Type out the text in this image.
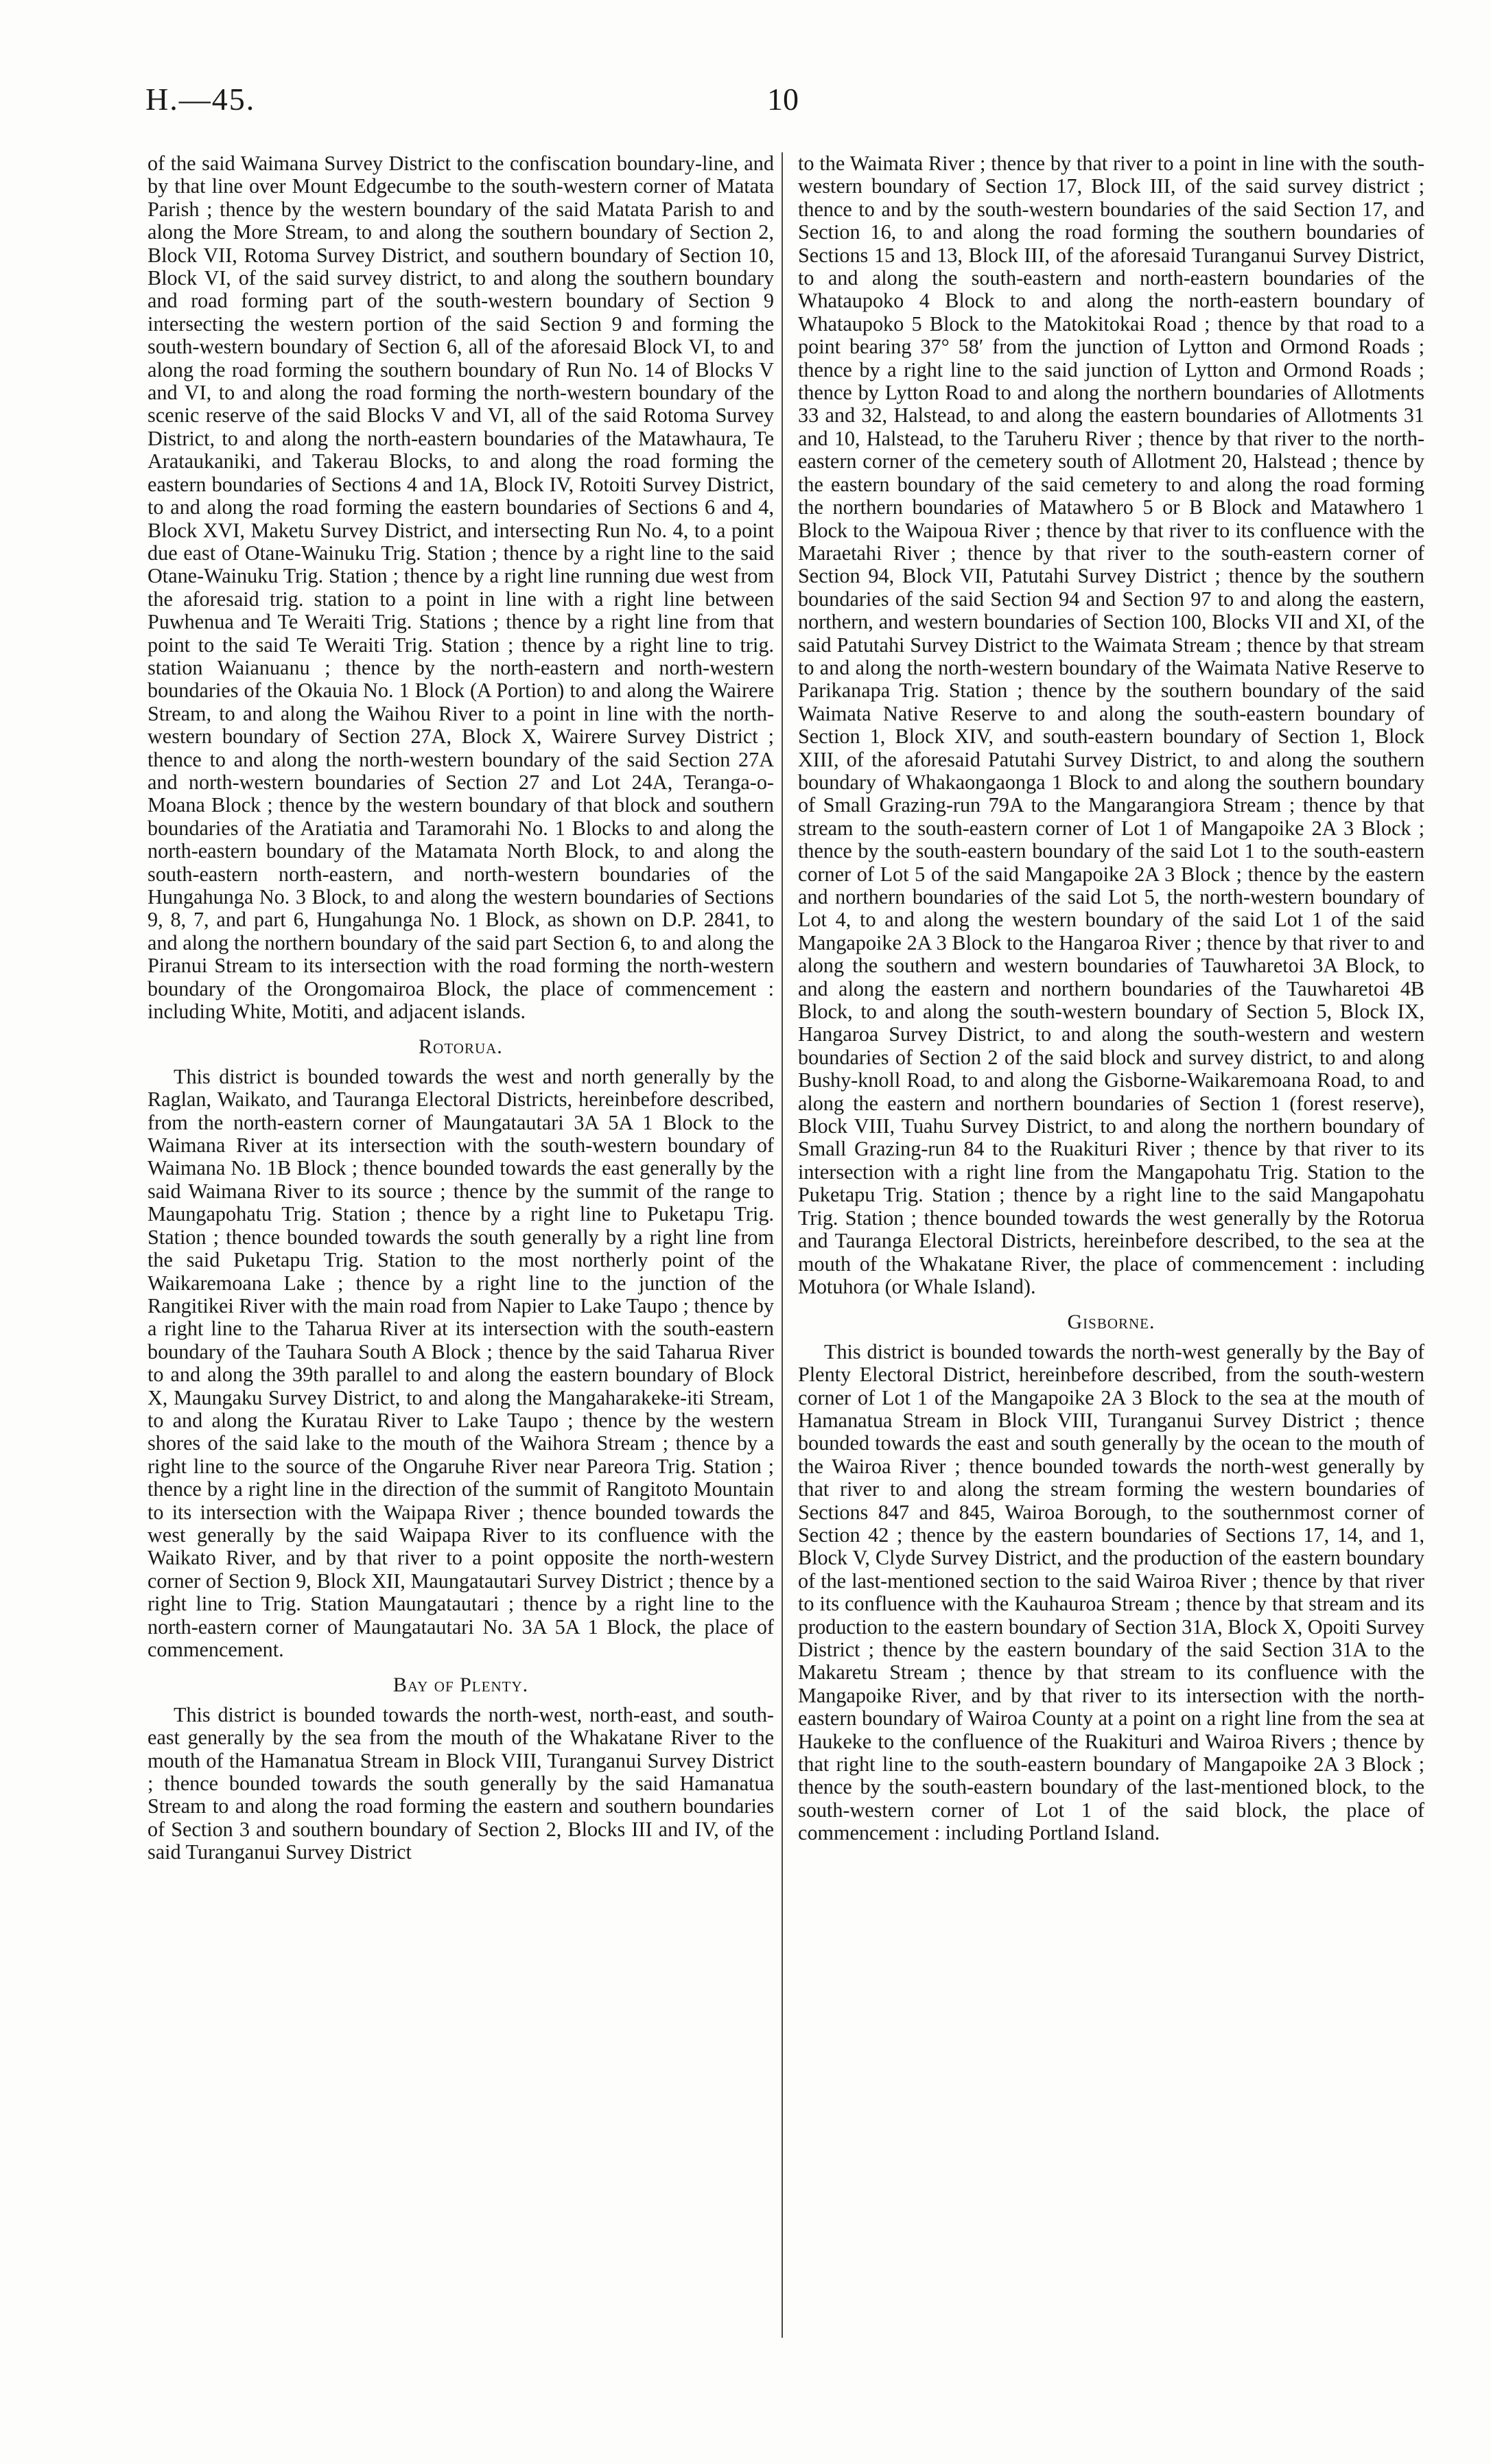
H.—45.	10

of the said Waimana Survey District to the confiscation boundary-line, and by that line over Mount Edgecumbe to the south-western corner of Matata Parish ; thence by the western boundary of the said Matata Parish to and along the More Stream, to and along the southern boundary of Section 2, Block VII, Rotoma Survey District, and southern boundary of Section 10, Block VI, of the said survey district, to and along the southern boundary and road forming part of the south-western boundary of Section 9 intersecting the western portion of the said Section 9 and forming the south-western boundary of Section 6, all of the aforesaid Block VI, to and along the road forming the southern boundary of Run No. 14 of Blocks V and VI, to and along the road forming the north-western boundary of the scenic reserve of the said Blocks V and VI, all of the said Rotoma Survey District, to and along the north-eastern boundaries of the Matawhaura, Te Arataukaniki, and Takerau Blocks, to and along the road forming the eastern boundaries of Sections 4 and 1A, Block IV, Rotoiti Survey District, to and along the road forming the eastern boundaries of Sections 6 and 4, Block XVI, Maketu Survey District, and intersecting Run No. 4, to a point due east of Otane-Wainuku Trig. Station ; thence by a right line to the said Otane-Wainuku Trig. Station ; thence by a right line running due west from the aforesaid trig. station to a point in line with a right line between Puwhenua and Te Weraiti Trig. Stations ; thence by a right line from that point to the said Te Weraiti Trig. Station ; thence by a right line to trig. station Waianuanu ; thence by the north-eastern and north-western boundaries of the Okauia No. 1 Block (A Portion) to and along the Wairere Stream, to and along the Waihou River to a point in line with the north-western boundary of Section 27A, Block X, Wairere Survey District ; thence to and along the north-western boundary of the said Section 27A and north-western boundaries of Section 27 and Lot 24A, Teranga-o-Moana Block ; thence by the western boundary of that block and southern boundaries of the Aratiatia and Taramorahi No. 1 Blocks to and along the north-eastern boundary of the Matamata North Block, to and along the south-eastern north-eastern, and north-western boundaries of the Hungahunga No. 3 Block, to and along the western boundaries of Sections 9, 8, 7, and part 6, Hungahunga No. 1 Block, as shown on D.P. 2841, to and along the northern boundary of the said part Section 6, to and along the Piranui Stream to its intersection with the road forming the north-western boundary of the Orongomairoa Block, the place of commencement : including White, Motiti, and adjacent islands.

Rotorua.

This district is bounded towards the west and north generally by the Raglan, Waikato, and Tauranga Electoral Districts, hereinbefore described, from the north-eastern corner of Maungatautari 3A 5A 1 Block to the Waimana River at its intersection with the south-western boundary of Waimana No. 1B Block ; thence bounded towards the east generally by the said Waimana River to its source ; thence by the summit of the range to Maungapohatu Trig. Station ; thence by a right line to Puketapu Trig. Station ; thence bounded towards the south generally by a right line from the said Puketapu Trig. Station to the most northerly point of the Waikaremoana Lake ; thence by a right line to the junction of the Rangitikei River with the main road from Napier to Lake Taupo ; thence by a right line to the Taharua River at its intersection with the south-eastern boundary of the Tauhara South A Block ; thence by the said Taharua River to and along the 39th parallel to and along the eastern boundary of Block X, Maungaku Survey District, to and along the Mangaharakeke-iti Stream, to and along the Kuratau River to Lake Taupo ; thence by the western shores of the said lake to the mouth of the Waihora Stream ; thence by a right line to the source of the Ongaruhe River near Pareora Trig. Station ; thence by a right line in the direction of the summit of Rangitoto Mountain to its intersection with the Waipapa River ; thence bounded towards the west generally by the said Waipapa River to its confluence with the Waikato River, and by that river to a point opposite the north-western corner of Section 9, Block XII, Maungatautari Survey District ; thence by a right line to Trig. Station Maungatautari ; thence by a right line to the north-eastern corner of Maungatautari No. 3A 5A 1 Block, the place of commencement.

Bay of Plenty.

This district is bounded towards the north-west, north-east, and south-east generally by the sea from the mouth of the Whakatane River to the mouth of the Hamanatua Stream in Block VIII, Turanganui Survey District ; thence bounded towards the south generally by the said Hamanatua Stream to and along the road forming the eastern and southern boundaries of Section 3 and southern boundary of Section 2, Blocks III and IV, of the said Turanganui Survey District

to the Waimata River ; thence by that river to a point in line with the south-western boundary of Section 17, Block III, of the said survey district ; thence to and by the south-western boundaries of the said Section 17, and Section 16, to and along the road forming the southern boundaries of Sections 15 and 13, Block III, of the aforesaid Turanganui Survey District, to and along the south-eastern and north-eastern boundaries of the Whataupoko 4 Block to and along the north-eastern boundary of Whataupoko 5 Block to the Matokitokai Road ; thence by that road to a point bearing 37° 58′ from the junction of Lytton and Ormond Roads ; thence by a right line to the said junction of Lytton and Ormond Roads ; thence by Lytton Road to and along the northern boundaries of Allotments 33 and 32, Halstead, to and along the eastern boundaries of Allotments 31 and 10, Halstead, to the Taruheru River ; thence by that river to the north-eastern corner of the cemetery south of Allotment 20, Halstead ; thence by the eastern boundary of the said cemetery to and along the road forming the northern boundaries of Matawhero 5 or B Block and Matawhero 1 Block to the Waipoua River ; thence by that river to its confluence with the Maraetahi River ; thence by that river to the south-eastern corner of Section 94, Block VII, Patutahi Survey District ; thence by the southern boundaries of the said Section 94 and Section 97 to and along the eastern, northern, and western boundaries of Section 100, Blocks VII and XI, of the said Patutahi Survey District to the Waimata Stream ; thence by that stream to and along the north-western boundary of the Waimata Native Reserve to Parikanapa Trig. Station ; thence by the southern boundary of the said Waimata Native Reserve to and along the south-eastern boundary of Section 1, Block XIV, and south-eastern boundary of Section 1, Block XIII, of the aforesaid Patutahi Survey District, to and along the southern boundary of Whakaongaonga 1 Block to and along the southern boundary of Small Grazing-run 79A to the Mangarangiora Stream ; thence by that stream to the south-eastern corner of Lot 1 of Mangapoike 2A 3 Block ; thence by the south-eastern boundary of the said Lot 1 to the south-eastern corner of Lot 5 of the said Mangapoike 2A 3 Block ; thence by the eastern and northern boundaries of the said Lot 5, the north-western boundary of Lot 4, to and along the western boundary of the said Lot 1 of the said Mangapoike 2A 3 Block to the Hangaroa River ; thence by that river to and along the southern and western boundaries of Tauwharetoi 3A Block, to and along the eastern and northern boundaries of the Tauwharetoi 4B Block, to and along the south-western boundary of Section 5, Block IX, Hangaroa Survey District, to and along the south-western and western boundaries of Section 2 of the said block and survey district, to and along Bushy-knoll Road, to and along the Gisborne-Waikaremoana Road, to and along the eastern and northern boundaries of Section 1 (forest reserve), Block VIII, Tuahu Survey District, to and along the northern boundary of Small Grazing-run 84 to the Ruakituri River ; thence by that river to its intersection with a right line from the Mangapohatu Trig. Station to the Puketapu Trig. Station ; thence by a right line to the said Mangapohatu Trig. Station ; thence bounded towards the west generally by the Rotorua and Tauranga Electoral Districts, hereinbefore described, to the sea at the mouth of the Whakatane River, the place of commencement : including Motuhora (or Whale Island).

Gisborne.

This district is bounded towards the north-west generally by the Bay of Plenty Electoral District, hereinbefore described, from the south-western corner of Lot 1 of the Mangapoike 2A 3 Block to the sea at the mouth of Hamanatua Stream in Block VIII, Turanganui Survey District ; thence bounded towards the east and south generally by the ocean to the mouth of the Wairoa River ; thence bounded towards the north-west generally by that river to and along the stream forming the western boundaries of Sections 847 and 845, Wairoa Borough, to the southernmost corner of Section 42 ; thence by the eastern boundaries of Sections 17, 14, and 1, Block V, Clyde Survey District, and the production of the eastern boundary of the last-mentioned section to the said Wairoa River ; thence by that river to its confluence with the Kauhauroa Stream ; thence by that stream and its production to the eastern boundary of Section 31A, Block X, Opoiti Survey District ; thence by the eastern boundary of the said Section 31A to the Makaretu Stream ; thence by that stream to its confluence with the Mangapoike River, and by that river to its intersection with the north-eastern boundary of Wairoa County at a point on a right line from the sea at Haukeke to the confluence of the Ruakituri and Wairoa Rivers ; thence by that right line to the south-eastern boundary of Mangapoike 2A 3 Block ; thence by the south-eastern boundary of the last-mentioned block, to the south-western corner of Lot 1 of the said block, the place of commencement : including Portland Island.
